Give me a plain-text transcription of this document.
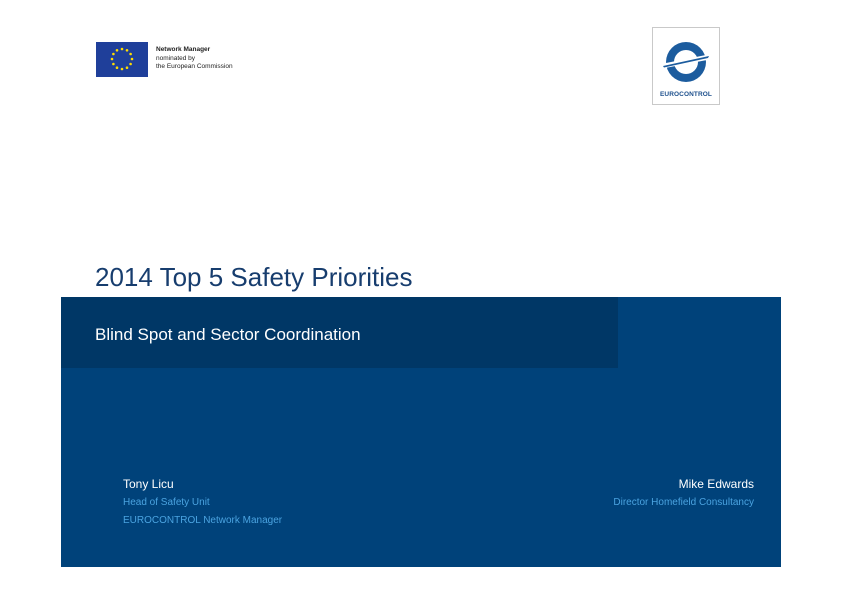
Network Manager
nominated by
the European Commission
EUROCONTROL
2014 Top 5 Safety Priorities
Blind Spot and Sector Coordination
Tony Licu
Head of Safety Unit
EUROCONTROL Network Manager
Mike Edwards
Director Homefield Consultancy
